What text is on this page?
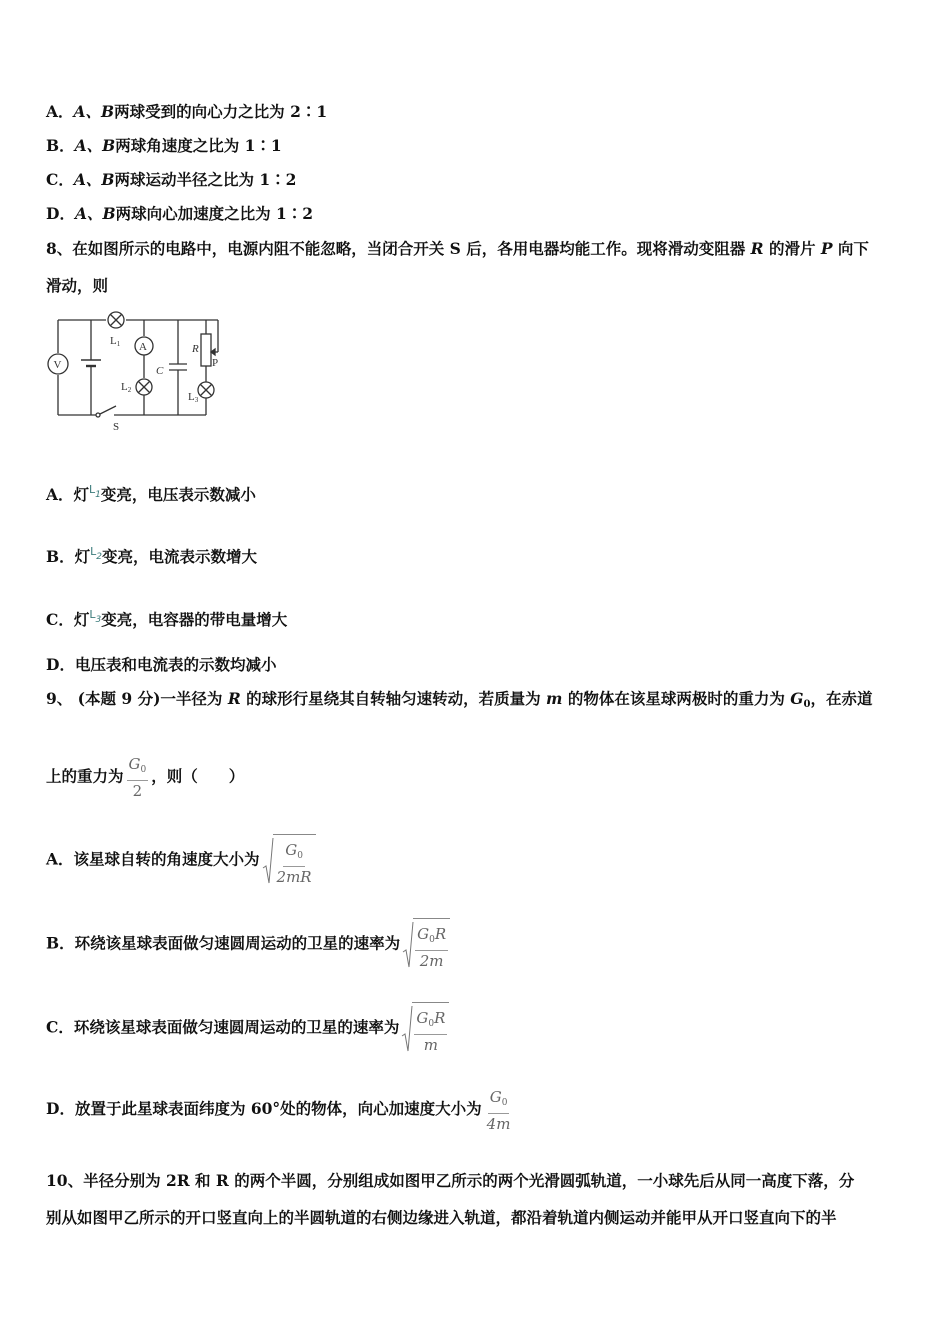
A．A、B两球受到的向心力之比为 2∶1
B．A、B两球角速度之比为 1∶1
C．A、B两球运动半径之比为 1∶2
D．A、B两球向心加速度之比为 1∶2
8、在如图所示的电路中，电源内阻不能忽略，当闭合开关 S 后，各用电器均能工作。现将滑动变阻器 R 的滑片 P 向下
滑动，则
V
L1
S
A
L2
C
R
P
L3
A．灯$^{L_1}$变亮，电压表示数减小
B．灯$^{L_2}$变亮，电流表示数增大
C．灯$^{L_3}$变亮，电容器的带电量增大
D．电压表和电流表的示数均减小
9、 (本题 9 分)一半径为 R 的球形行星绕其自转轴匀速转动，若质量为 m 的物体在该星球两极时的重力为 G0，在赤道
上的重力为 $\frac{G_0}{2}$ ，则（　　）
A．该星球自转的角速度大小为 $\frac{G_0}{2mR}$
B．环绕该星球表面做匀速圆周运动的卫星的速率为 $\frac{G_0R}{2m}$
C．环绕该星球表面做匀速圆周运动的卫星的速率为 $\frac{G_0R}{m}$
D．放置于此星球表面纬度为 60°处的物体，向心加速度大小为 $\frac{G_0}{4m}$
10、半径分别为 2R 和 R 的两个半圆，分别组成如图甲乙所示的两个光滑圆弧轨道，一小球先后从同一高度下落，分
别从如图甲乙所示的开口竖直向上的半圆轨道的右侧边缘进入轨道，都沿着轨道内侧运动并能甲从开口竖直向下的半
